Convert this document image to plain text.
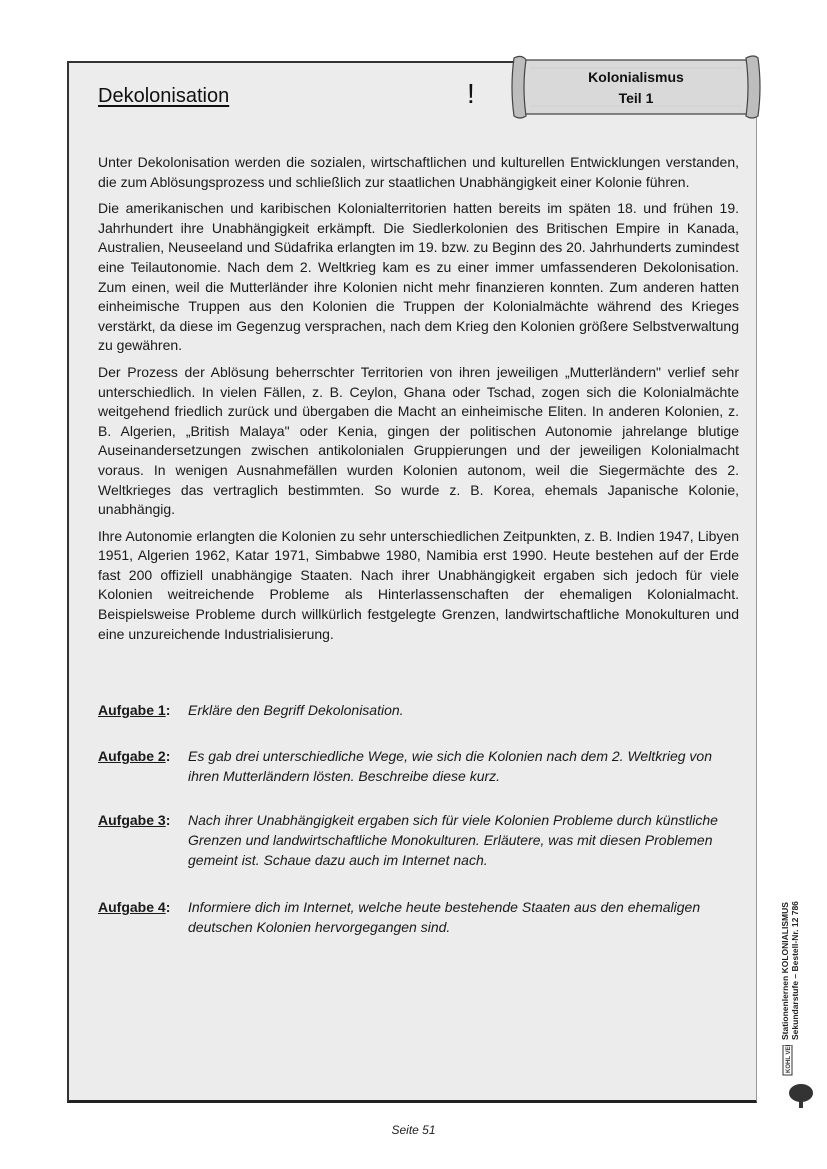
Dekolonisation	!
Kolonialismus
Teil 1

Unter Dekolonisation werden die sozialen, wirtschaftlichen und kulturellen Entwicklungen verstanden, die zum Ablösungsprozess und schließlich zur staatlichen Unabhängigkeit einer Kolonie führen.

Die amerikanischen und karibischen Kolonialterritorien hatten bereits im späten 18. und frühen 19. Jahrhundert ihre Unabhängigkeit erkämpft. Die Siedlerkolonien des Britischen Empire in Kanada, Australien, Neuseeland und Südafrika erlangten im 19. bzw. zu Beginn des 20. Jahrhunderts zumindest eine Teilautonomie. Nach dem 2. Weltkrieg kam es zu einer immer umfassenderen Dekolonisation. Zum einen, weil die Mutterländer ihre Kolonien nicht mehr finanzieren konnten. Zum anderen hatten einheimische Truppen aus den Kolonien die Truppen der Kolonialmächte während des Krieges verstärkt, da diese im Gegenzug versprachen, nach dem Krieg den Kolonien größere Selbstverwaltung zu gewähren.

Der Prozess der Ablösung beherrschter Territorien von ihren jeweiligen „Mutterländern" verlief sehr unterschiedlich. In vielen Fällen, z. B. Ceylon, Ghana oder Tschad, zogen sich die Kolonialmächte weitgehend friedlich zurück und übergaben die Macht an einheimische Eliten. In anderen Kolonien, z. B. Algerien, „British Malaya" oder Kenia, gingen der politischen Autonomie jahrelange blutige Auseinandersetzungen zwischen antikolonialen Gruppierungen und der jeweiligen Kolonialmacht voraus. In wenigen Ausnahmefällen wurden Kolonien autonom, weil die Siegermächte des 2. Weltkrieges das vertraglich bestimmten. So wurde z. B. Korea, ehemals Japanische Kolonie, unabhängig.

Ihre Autonomie erlangten die Kolonien zu sehr unterschiedlichen Zeitpunkten, z. B. Indien 1947, Libyen 1951, Algerien 1962, Katar 1971, Simbabwe 1980, Namibia erst 1990. Heute bestehen auf der Erde fast 200 offiziell unabhängige Staaten. Nach ihrer Unabhängigkeit ergaben sich jedoch für viele Kolonien weitreichende Probleme als Hinterlassenschaften der ehemaligen Kolonialmacht. Beispielsweise Probleme durch willkürlich festgelegte Grenzen, landwirtschaftliche Monokulturen und eine unzureichende Industrialisierung.

Aufgabe 1: Erkläre den Begriff Dekolonisation.
Aufgabe 2: Es gab drei unterschiedliche Wege, wie sich die Kolonien nach dem 2. Weltkrieg von ihren Mutterländern lösten. Beschreibe diese kurz.
Aufgabe 3: Nach ihrer Unabhängigkeit ergaben sich für viele Kolonien Probleme durch künstliche Grenzen und landwirtschaftliche Monokulturen. Erläutere, was mit diesen Problemen gemeint ist. Schaue dazu auch im Internet nach.
Aufgabe 4: Informiere dich im Internet, welche heute bestehende Staaten aus den ehemaligen deutschen Kolonien hervorgegangen sind.	Stationenlernen KOLONIALISMUS Sekundarstufe – Bestell-Nr. 12 786
KOHL VERLAG
Seite 51
